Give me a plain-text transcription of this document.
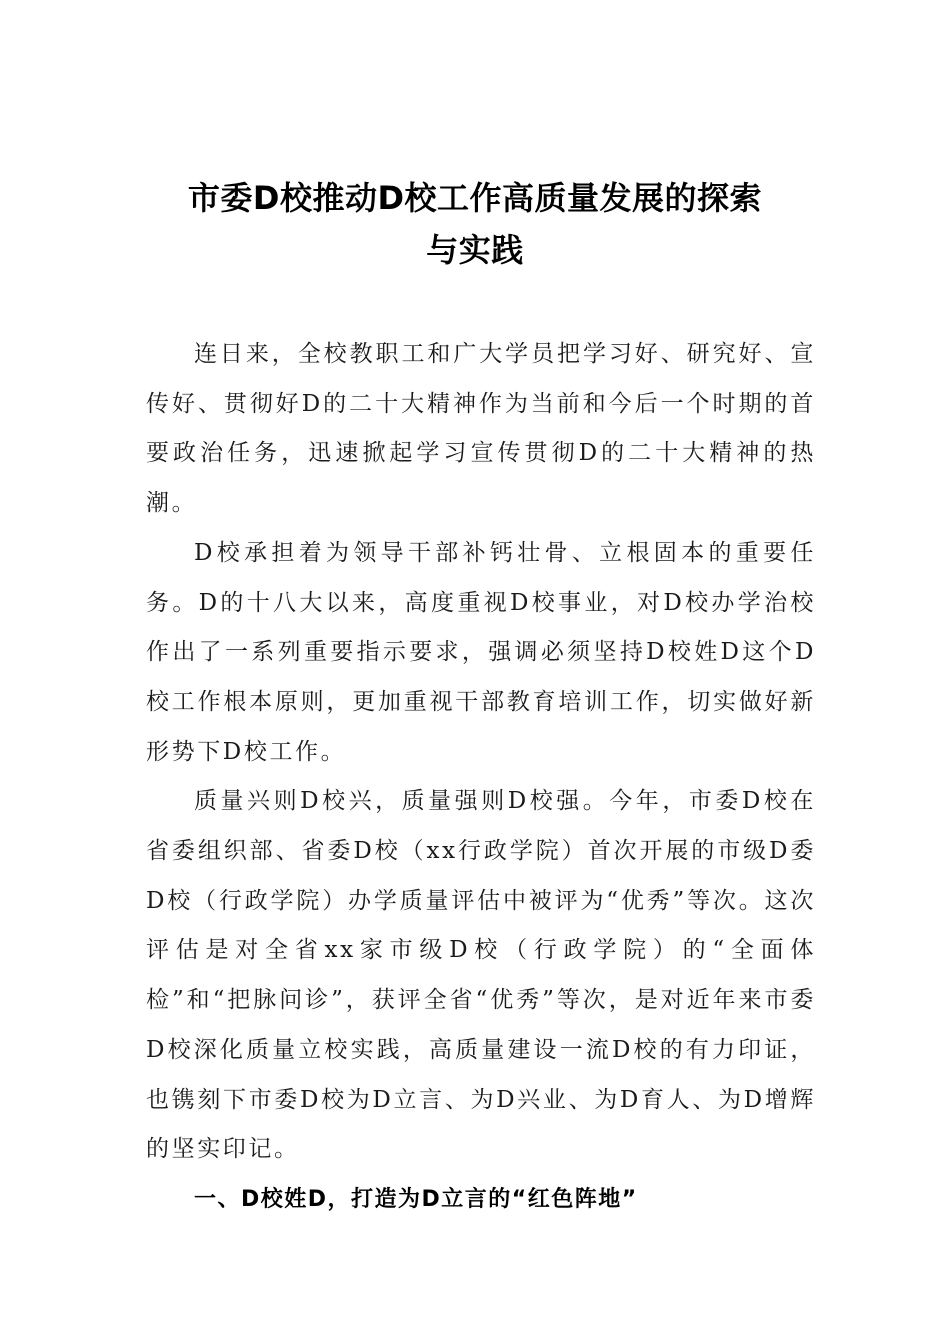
市委D校推动D校工作高质量发展的探索
与实践

连日来，全校教职工和广大学员把学习好、研究好、宣传好、贯彻好D的二十大精神作为当前和今后一个时期的首要政治任务，迅速掀起学习宣传贯彻D的二十大精神的热潮。

D校承担着为领导干部补钙壮骨、立根固本的重要任务。D的十八大以来，高度重视D校事业，对D校办学治校作出了一系列重要指示要求，强调必须坚持D校姓D这个D校工作根本原则，更加重视干部教育培训工作，切实做好新形势下D校工作。

质量兴则D校兴，质量强则D校强。今年，市委D校在省委组织部、省委D校（xx行政学院）首次开展的市级D委D校（行政学院）办学质量评估中被评为“优秀”等次。这次评估是对全省xx家市级D校（行政学院）的“全面体检”和“把脉问诊”，获评全省“优秀”等次，是对近年来市委D校深化质量立校实践，高质量建设一流D校的有力印证，也镌刻下市委D校为D立言、为D兴业、为D育人、为D增辉的坚实印记。

一、D校姓D，打造为D立言的“红色阵地”
